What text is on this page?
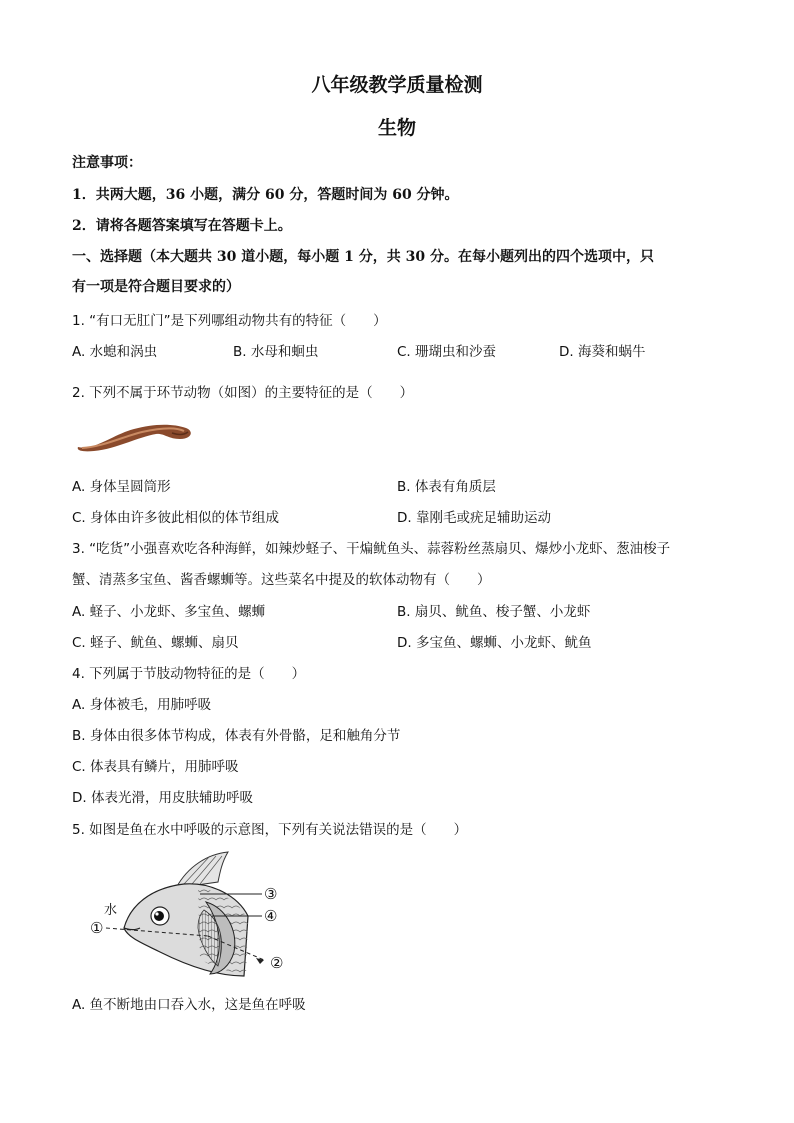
八年级教学质量检测
生物
注意事项：
1．共两大题，36 小题，满分 60 分，答题时间为 60 分钟。
2．请将各题答案填写在答题卡上。
一、选择题（本大题共 30 道小题，每小题 1 分，共 30 分。在每小题列出的四个选项中，只
有一项是符合题目要求的）
1. “有口无肛门”是下列哪组动物共有的特征（　　）
A. 水螅和涡虫	B. 水母和蛔虫	C. 珊瑚虫和沙蚕	D. 海葵和蜗牛
2. 下列不属于环节动物（如图）的主要特征的是（　　）
A. 身体呈圆筒形	B. 体表有角质层
C. 身体由许多彼此相似的体节组成	D. 靠刚毛或疣足辅助运动
3. “吃货”小强喜欢吃各种海鲜，如辣炒蛏子、干煸鱿鱼头、蒜蓉粉丝蒸扇贝、爆炒小龙虾、葱油梭子
蟹、清蒸多宝鱼、酱香螺蛳等。这些菜名中提及的软体动物有（　　）
A. 蛏子、小龙虾、多宝鱼、螺蛳	B. 扇贝、鱿鱼、梭子蟹、小龙虾
C. 蛏子、鱿鱼、螺蛳、扇贝	D. 多宝鱼、螺蛳、小龙虾、鱿鱼
4. 下列属于节肢动物特征的是（　　）
A. 身体被毛，用肺呼吸
B. 身体由很多体节构成，体表有外骨骼，足和触角分节
C. 体表具有鳞片，用肺呼吸
D. 体表光滑，用皮肤辅助呼吸
5. 如图是鱼在水中呼吸的示意图，下列有关说法错误的是（　　）
水
①
②
③
④
A. 鱼不断地由口吞入水，这是鱼在呼吸
